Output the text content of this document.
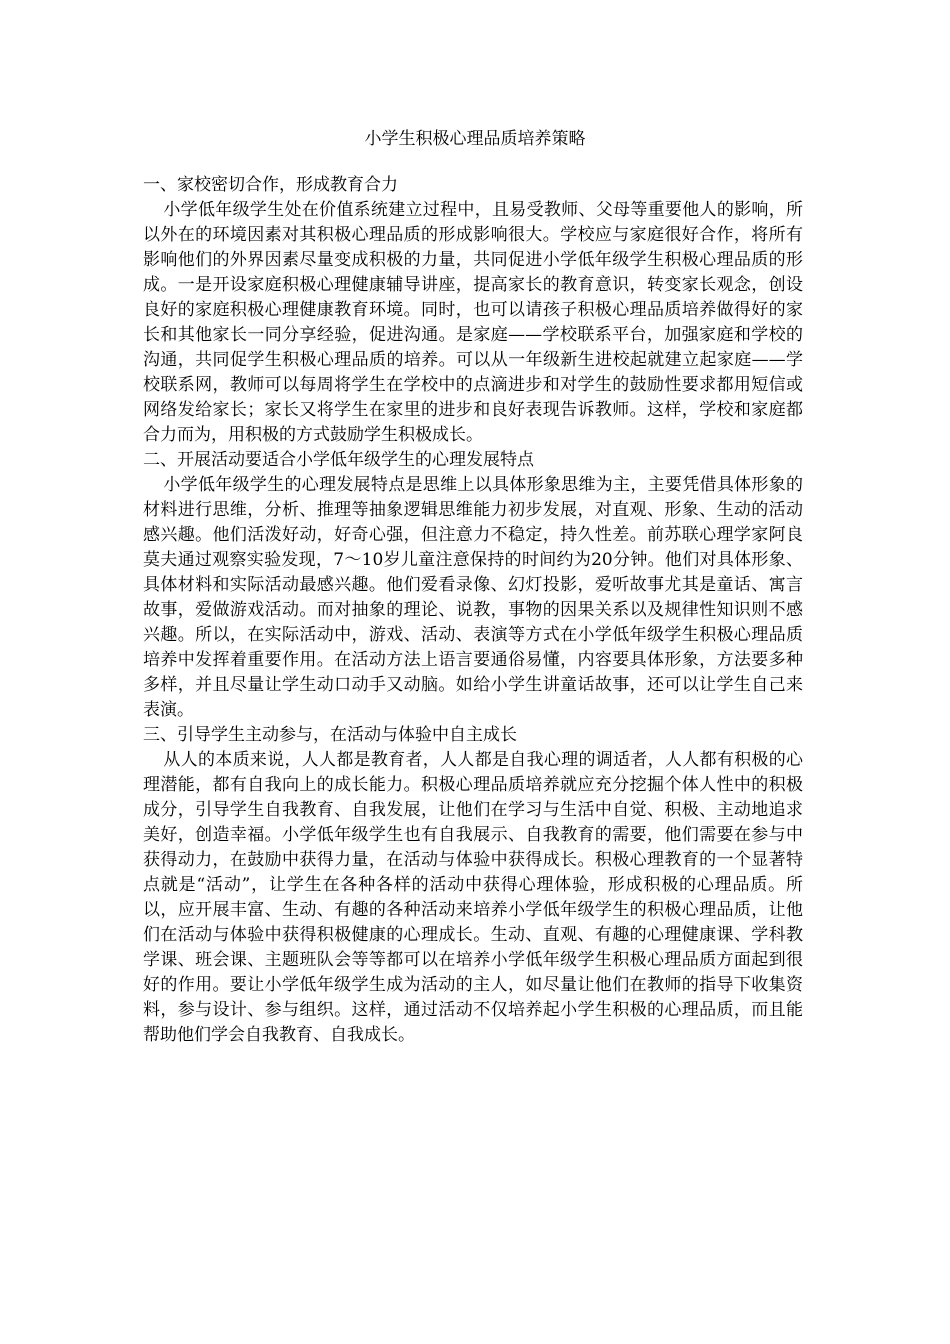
小学生积极心理品质培养策略

一、家校密切合作，形成教育合力

小学低年级学生处在价值系统建立过程中，且易受教师、父母等重要他人的影响，所以外在的环境因素对其积极心理品质的形成影响很大。学校应与家庭很好合作，将所有影响他们的外界因素尽量变成积极的力量，共同促进小学低年级学生积极心理品质的形成。一是开设家庭积极心理健康辅导讲座，提高家长的教育意识，转变家长观念，创设良好的家庭积极心理健康教育环境。同时，也可以请孩子积极心理品质培养做得好的家长和其他家长一同分享经验，促进沟通。是家庭——学校联系平台，加强家庭和学校的沟通，共同促学生积极心理品质的培养。可以从一年级新生进校起就建立起家庭——学校联系网，教师可以每周将学生在学校中的点滴进步和对学生的鼓励性要求都用短信或网络发给家长；家长又将学生在家里的进步和良好表现告诉教师。这样，学校和家庭都合力而为，用积极的方式鼓励学生积极成长。

二、开展活动要适合小学低年级学生的心理发展特点

小学低年级学生的心理发展特点是思维上以具体形象思维为主，主要凭借具体形象的材料进行思维，分析、推理等抽象逻辑思维能力初步发展，对直观、形象、生动的活动感兴趣。他们活泼好动，好奇心强，但注意力不稳定，持久性差。前苏联心理学家阿良莫夫通过观察实验发现，7～10岁儿童注意保持的时间约为20分钟。他们对具体形象、具体材料和实际活动最感兴趣。他们爱看录像、幻灯投影，爱听故事尤其是童话、寓言故事，爱做游戏活动。而对抽象的理论、说教，事物的因果关系以及规律性知识则不感兴趣。所以，在实际活动中，游戏、活动、表演等方式在小学低年级学生积极心理品质培养中发挥着重要作用。在活动方法上语言要通俗易懂，内容要具体形象，方法要多种多样，并且尽量让学生动口动手又动脑。如给小学生讲童话故事，还可以让学生自己来表演。

三、引导学生主动参与，在活动与体验中自主成长

从人的本质来说，人人都是教育者，人人都是自我心理的调适者，人人都有积极的心理潜能，都有自我向上的成长能力。积极心理品质培养就应充分挖掘个体人性中的积极成分，引导学生自我教育、自我发展，让他们在学习与生活中自觉、积极、主动地追求美好，创造幸福。小学低年级学生也有自我展示、自我教育的需要，他们需要在参与中获得动力，在鼓励中获得力量，在活动与体验中获得成长。积极心理教育的一个显著特点就是“活动”，让学生在各种各样的活动中获得心理体验，形成积极的心理品质。所以，应开展丰富、生动、有趣的各种活动来培养小学低年级学生的积极心理品质，让他们在活动与体验中获得积极健康的心理成长。生动、直观、有趣的心理健康课、学科教学课、班会课、主题班队会等等都可以在培养小学低年级学生积极心理品质方面起到很好的作用。要让小学低年级学生成为活动的主人，如尽量让他们在教师的指导下收集资料，参与设计、参与组织。这样，通过活动不仅培养起小学生积极的心理品质，而且能帮助他们学会自我教育、自我成长。
